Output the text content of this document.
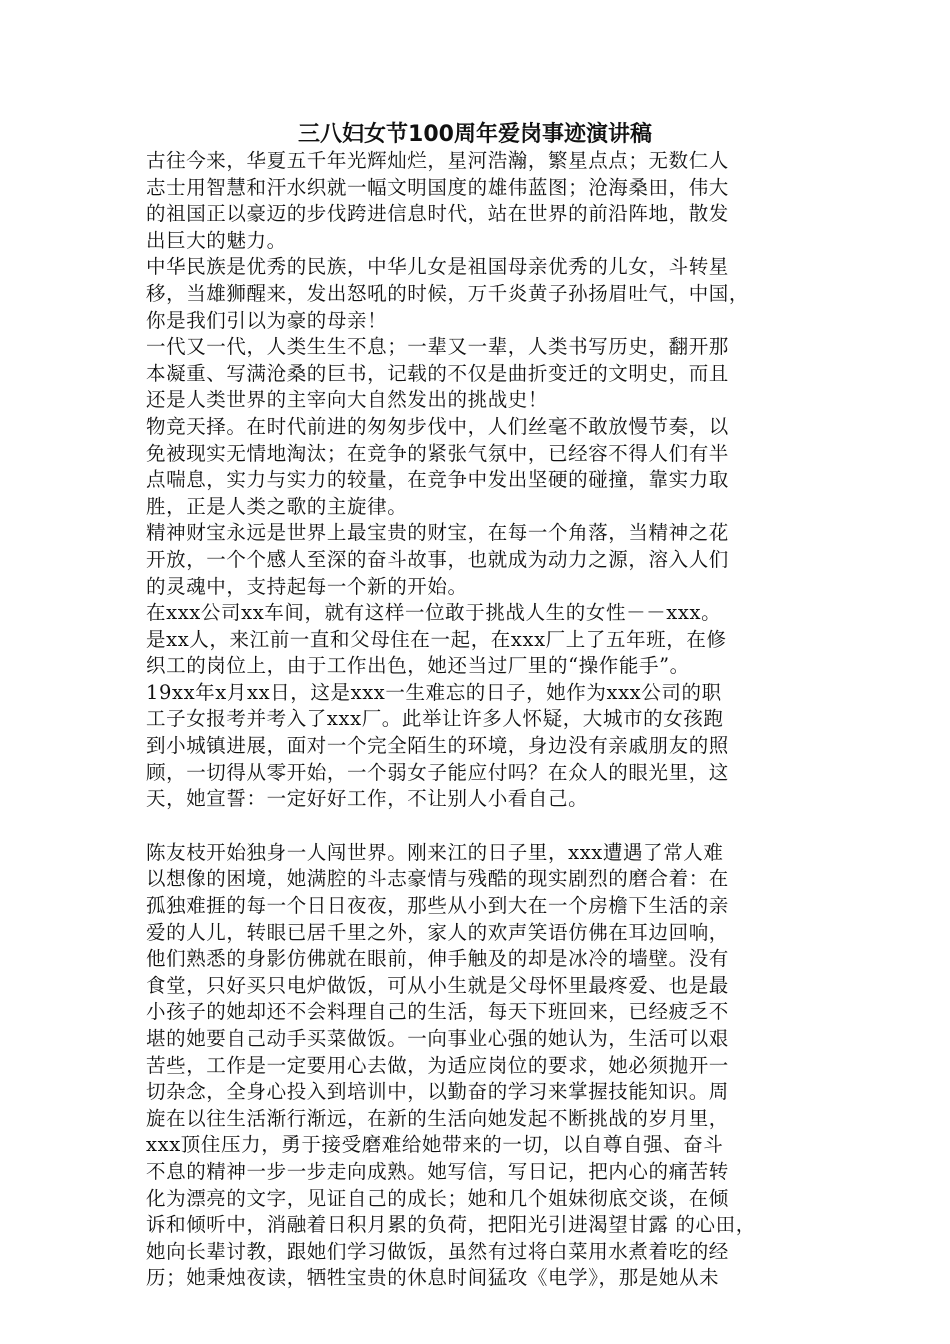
三八妇女节100周年爱岗事迹演讲稿

古往今来，华夏五千年光辉灿烂，星河浩瀚，繁星点点；无数仁人
志士用智慧和汗水织就一幅文明国度的雄伟蓝图；沧海桑田，伟大
的祖国正以豪迈的步伐跨进信息时代，站在世界的前沿阵地，散发
出巨大的魅力。

中华民族是优秀的民族，中华儿女是祖国母亲优秀的儿女，斗转星
移，当雄狮醒来，发出怒吼的时候，万千炎黄子孙扬眉吐气，中国，
你是我们引以为豪的母亲！

一代又一代，人类生生不息；一辈又一辈，人类书写历史，翻开那
本凝重、写满沧桑的巨书，记载的不仅是曲折变迁的文明史，而且
还是人类世界的主宰向大自然发出的挑战史！

物竞天择。在时代前进的匆匆步伐中，人们丝毫不敢放慢节奏，以
免被现实无情地淘汰；在竞争的紧张气氛中，已经容不得人们有半
点喘息，实力与实力的较量，在竞争中发出坚硬的碰撞，靠实力取
胜，正是人类之歌的主旋律。

精神财宝永远是世界上最宝贵的财宝，在每一个角落，当精神之花
开放，一个个感人至深的奋斗故事，也就成为动力之源，溶入人们
的灵魂中，支持起每一个新的开始。

在xxx公司xx车间，就有这样一位敢于挑战人生的女性－－xxx。
是xx人，来江前一直和父母住在一起，在xxx厂上了五年班，在修
织工的岗位上，由于工作出色，她还当过厂里的“操作能手”。

19xx年x月xx日，这是xxx一生难忘的日子，她作为xxx公司的职
工子女报考并考入了xxx厂。此举让许多人怀疑，大城市的女孩跑
到小城镇进展，面对一个完全陌生的环境，身边没有亲戚朋友的照
顾，一切得从零开始，一个弱女子能应付吗？在众人的眼光里，这
天，她宣誓：一定好好工作，不让别人小看自己。

陈友枝开始独身一人闯世界。刚来江的日子里，xxx遭遇了常人难
以想像的困境，她满腔的斗志豪情与残酷的现实剧烈的磨合着：在
孤独难捱的每一个日日夜夜，那些从小到大在一个房檐下生活的亲
爱的人儿，转眼已居千里之外，家人的欢声笑语仿佛在耳边回响，
他们熟悉的身影仿佛就在眼前，伸手触及的却是冰冷的墙壁。没有
食堂，只好买只电炉做饭，可从小生就是父母怀里最疼爱、也是最
小孩子的她却还不会料理自己的生活，每天下班回来，已经疲乏不
堪的她要自己动手买菜做饭。一向事业心强的她认为，生活可以艰
苦些，工作是一定要用心去做，为适应岗位的要求，她必须抛开一
切杂念，全身心投入到培训中，以勤奋的学习来掌握技能知识。周
旋在以往生活渐行渐远，在新的生活向她发起不断挑战的岁月里，
xxx顶住压力，勇于接受磨难给她带来的一切，以自尊自强、奋斗
不息的精神一步一步走向成熟。她写信，写日记，把内心的痛苦转
化为漂亮的文字，见证自己的成长；她和几个姐妹彻底交谈，在倾
诉和倾听中，消融着日积月累的负荷，把阳光引进渴望甘露 的心田，
她向长辈讨教，跟她们学习做饭，虽然有过将白菜用水煮着吃的经
历；她秉烛夜读，牺牲宝贵的休息时间猛攻《电学》，那是她从未
